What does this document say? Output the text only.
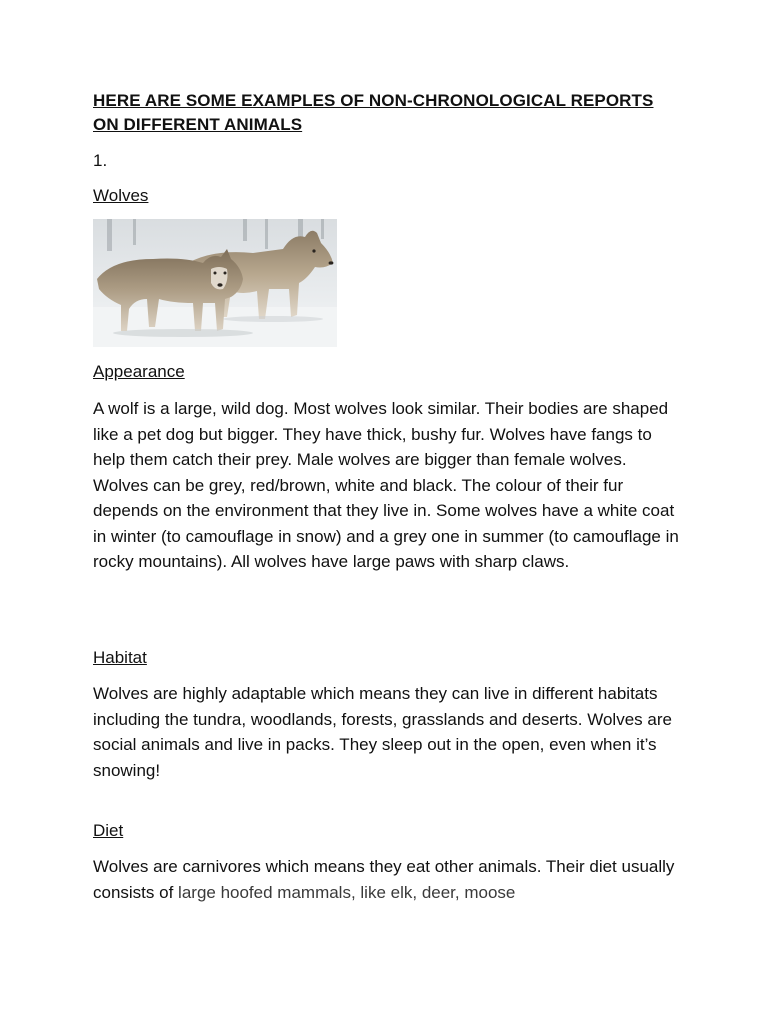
HERE ARE SOME EXAMPLES OF NON-CHRONOLOGICAL REPORTS ON DIFFERENT ANIMALS
1.
Wolves
Appearance
A wolf is a large, wild dog. Most wolves look similar. Their bodies are shaped like a pet dog but bigger. They have thick, bushy fur. Wolves have fangs to help them catch their prey. Male wolves are bigger than female wolves. Wolves can be grey, red/brown, white and black. The colour of their fur depends on the environment that they live in. Some wolves have a white coat in winter (to camouflage in snow) and a grey one in summer (to camouflage in rocky mountains). All wolves have large paws with sharp claws.
Habitat
Wolves are highly adaptable which means they can live in different habitats including the tundra, woodlands, forests, grasslands and deserts. Wolves are social animals and live in packs. They sleep out in the open, even when it’s snowing!
Diet
Wolves are carnivores which means they eat other animals. Their diet usually consists of large hoofed mammals, like elk, deer, moose
